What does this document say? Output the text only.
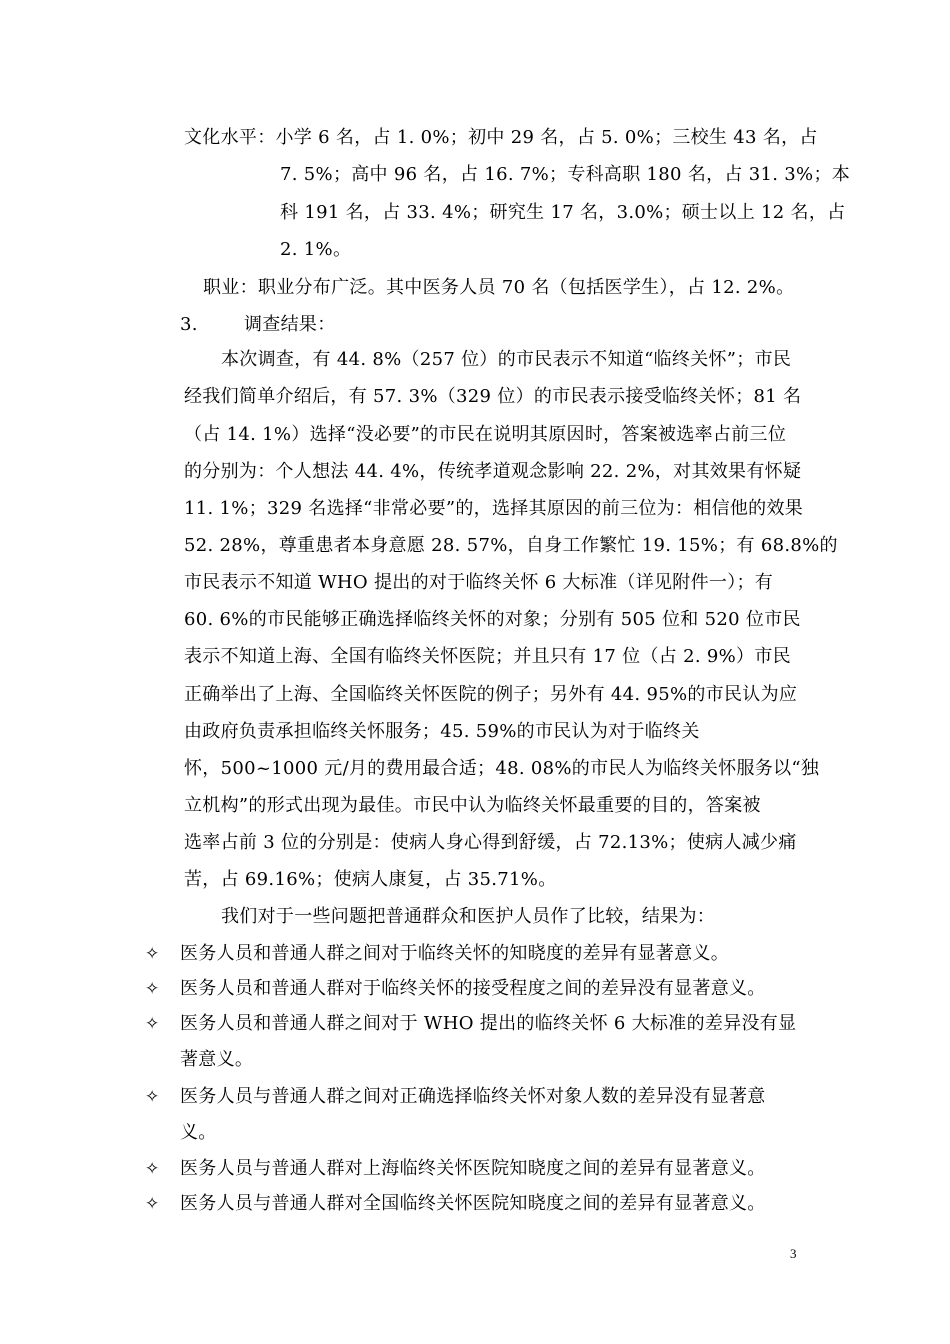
文化水平：小学 6 名，占 1. 0%；初中 29 名，占 5. 0%；三校生 43 名，占
7. 5%；高中 96 名，占 16. 7%；专科高职 180 名，占 31. 3%；本
科 191 名，占 33. 4%；研究生 17 名，3.0%；硕士以上 12 名，占
2. 1%。
职业：职业分布广泛。其中医务人员 70 名（包括医学生），占 12. 2%。
3.	调查结果：
本次调查，有 44. 8%（257 位）的市民表示不知道“临终关怀”；市民
经我们简单介绍后，有 57. 3%（329 位）的市民表示接受临终关怀；81 名
（占 14. 1%）选择“没必要”的市民在说明其原因时，答案被选率占前三位
的分别为：个人想法 44. 4%，传统孝道观念影响 22. 2%，对其效果有怀疑
11. 1%；329 名选择“非常必要”的，选择其原因的前三位为：相信他的效果
52. 28%，尊重患者本身意愿 28. 57%，自身工作繁忙 19. 15%；有 68.8%的
市民表示不知道 WHO 提出的对于临终关怀 6 大标准（详见附件一）；有
60. 6%的市民能够正确选择临终关怀的对象；分别有 505 位和 520 位市民
表示不知道上海、全国有临终关怀医院；并且只有 17 位（占 2. 9%）市民
正确举出了上海、全国临终关怀医院的例子；另外有 44. 95%的市民认为应
由政府负责承担临终关怀服务；45. 59%的市民认为对于临终关
怀，500~1000 元/月的费用最合适；48. 08%的市民人为临终关怀服务以“独
立机构”的形式出现为最佳。市民中认为临终关怀最重要的目的，答案被
选率占前 3 位的分别是：使病人身心得到舒缓，占 72.13%；使病人减少痛
苦，占 69.16%；使病人康复，占 35.71%。
我们对于一些问题把普通群众和医护人员作了比较，结果为：
✧ 医务人员和普通人群之间对于临终关怀的知晓度的差异有显著意义。
✧ 医务人员和普通人群对于临终关怀的接受程度之间的差异没有显著意义。
✧ 医务人员和普通人群之间对于 WHO 提出的临终关怀 6 大标准的差异没有显
著意义。
✧ 医务人员与普通人群之间对正确选择临终关怀对象人数的差异没有显著意
义。
✧ 医务人员与普通人群对上海临终关怀医院知晓度之间的差异有显著意义。
✧ 医务人员与普通人群对全国临终关怀医院知晓度之间的差异有显著意义。
3
